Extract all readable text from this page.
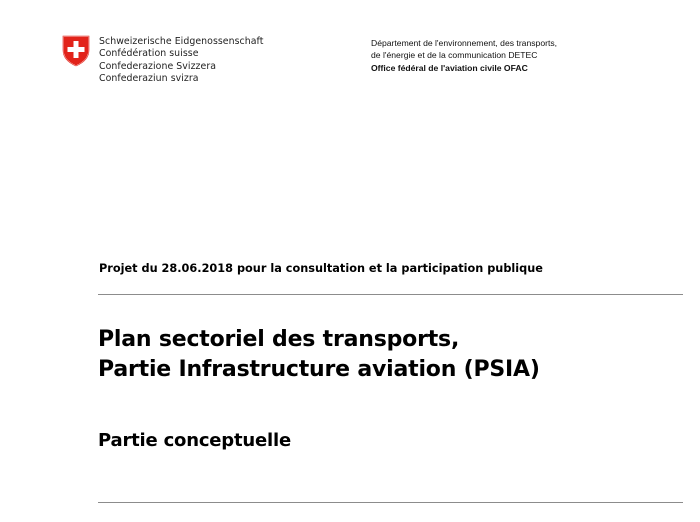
Schweizerische Eidgenossenschaft
Confédération suisse
Confederazione Svizzera
Confederaziun svizra
Département de l'environnement, des transports,
de l'énergie et de la communication DETEC
Office fédéral de l'aviation civile OFAC
Projet du 28.06.2018 pour la consultation et la participation publique
Plan sectoriel des transports,
Partie Infrastructure aviation (PSIA)
Partie conceptuelle
